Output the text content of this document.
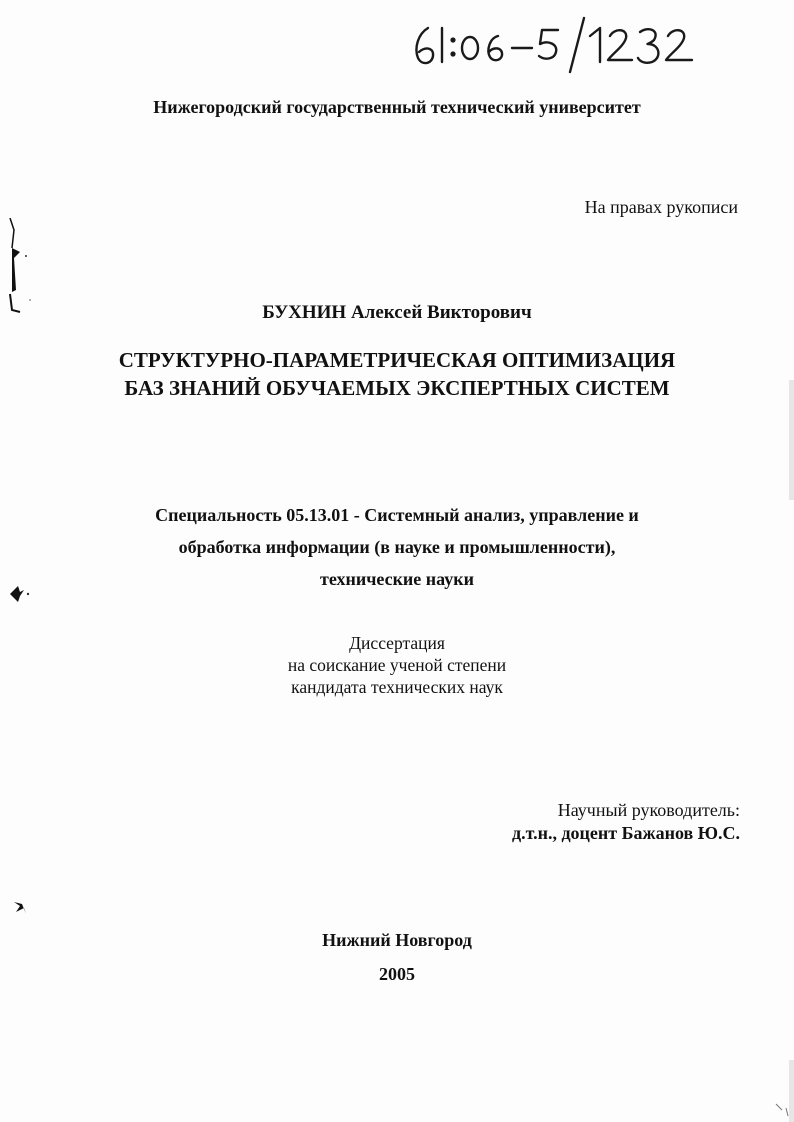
Нижегородский государственный технический университет
На правах рукописи
БУХНИН Алексей Викторович
СТРУКТУРНО-ПАРАМЕТРИЧЕСКАЯ ОПТИМИЗАЦИЯ
БАЗ ЗНАНИЙ ОБУЧАЕМЫХ ЭКСПЕРТНЫХ СИСТЕМ
Специальность 05.13.01 - Системный анализ, управление и
обработка информации (в науке и промышленности),
технические науки
Диссертация
на соискание ученой степени
кандидата технических наук
Научный руководитель:
д.т.н., доцент Бажанов Ю.С.
Нижний Новгород
2005
